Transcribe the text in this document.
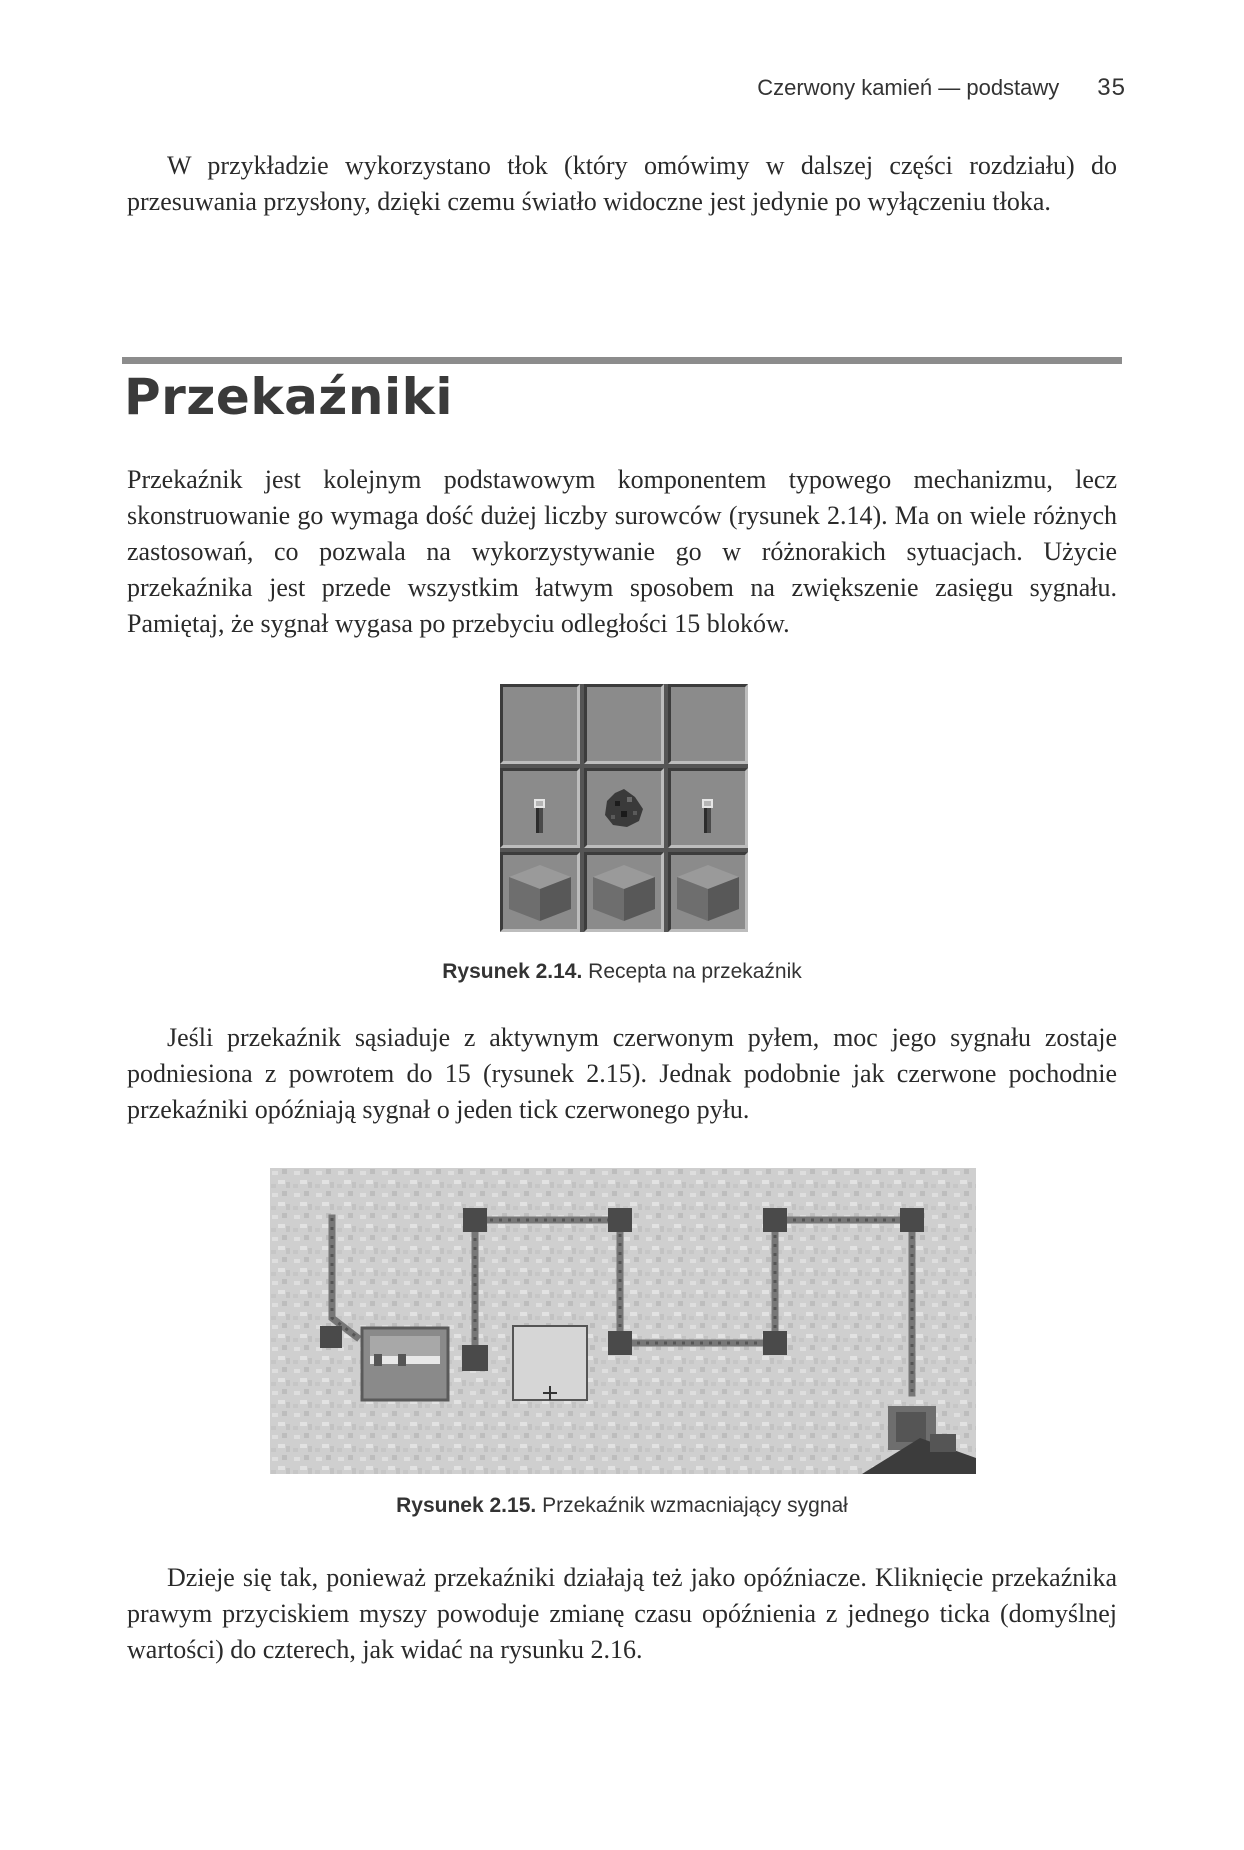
Czerwony kamień — podstawy 35

W przykładzie wykorzystano tłok (który omówimy w dalszej części rozdziału) do przesuwania przysłony, dzięki czemu światło widoczne jest jedynie po wyłączeniu tłoka.

Przekaźniki

Przekaźnik jest kolejnym podstawowym komponentem typowego mechanizmu, lecz skonstruowanie go wymaga dość dużej liczby surowców (rysunek 2.14). Ma on wiele różnych zastosowań, co pozwala na wykorzystywanie go w różnorakich sytuacjach. Użycie przekaźnika jest przede wszystkim łatwym sposobem na zwiększenie zasięgu sygnału. Pamiętaj, że sygnał wygasa po przebyciu odległości 15 bloków.

Rysunek 2.14. Recepta na przekaźnik

Jeśli przekaźnik sąsiaduje z aktywnym czerwonym pyłem, moc jego sygnału zostaje podniesiona z powrotem do 15 (rysunek 2.15). Jednak podobnie jak czerwone pochodnie przekaźniki opóźniają sygnał o jeden tick czerwonego pyłu.

Rysunek 2.15. Przekaźnik wzmacniający sygnał

Dzieje się tak, ponieważ przekaźniki działają też jako opóźniacze. Kliknięcie przekaźnika prawym przyciskiem myszy powoduje zmianę czasu opóźnienia z jednego ticka (domyślnej wartości) do czterech, jak widać na rysunku 2.16.
